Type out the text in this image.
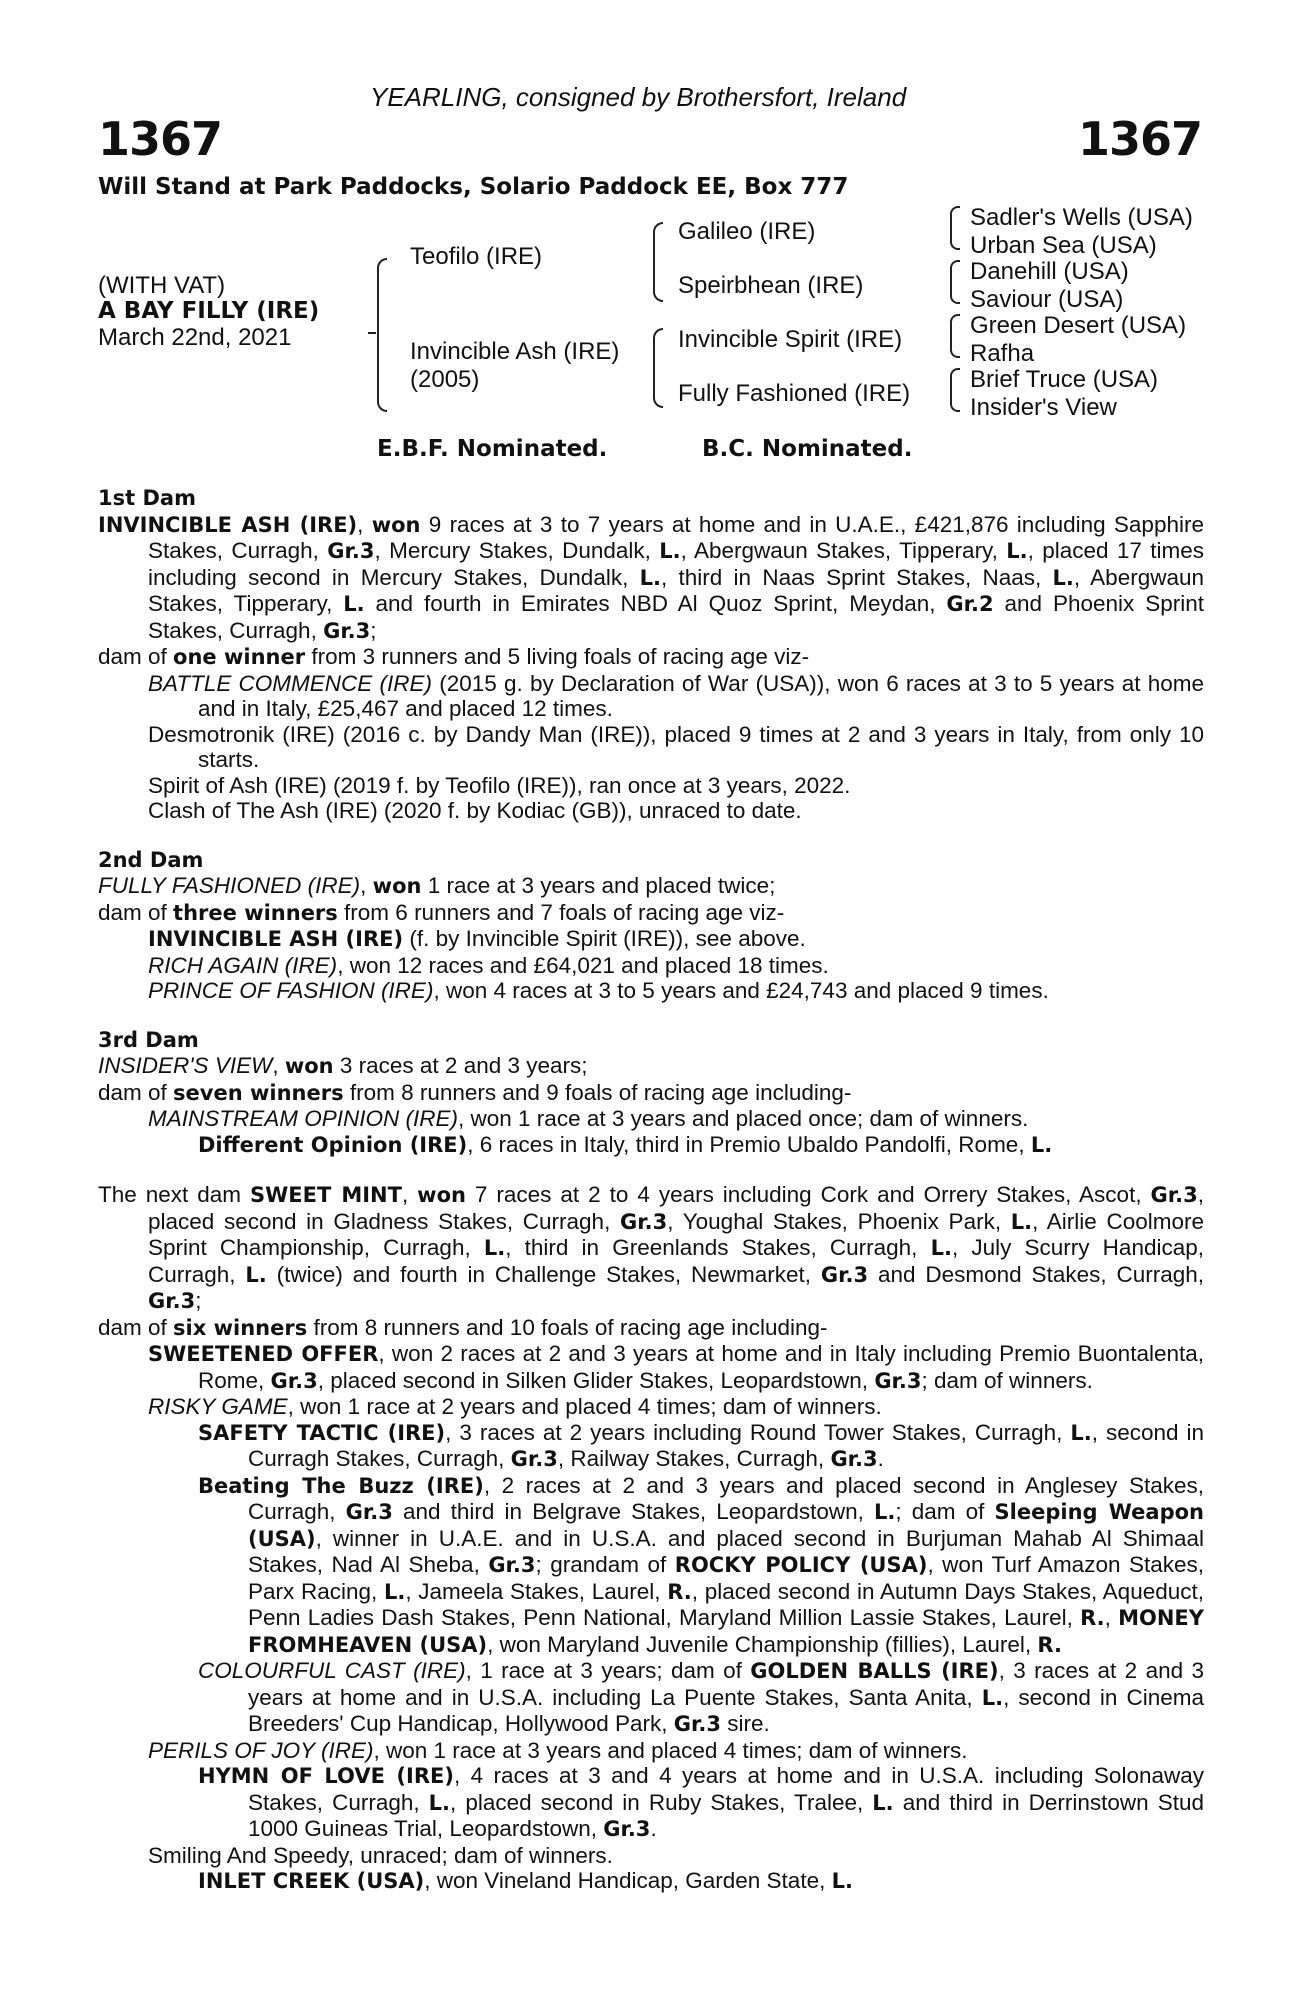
YEARLING, consigned by Brothersfort, Ireland
1367	1367
Will Stand at Park Paddocks, Solario Paddock EE, Box 777
(WITH VAT)
A BAY FILLY (IRE)
March 22nd, 2021
Teofilo (IRE)
Invincible Ash (IRE)
(2005)
Galileo (IRE)
Speirbhean (IRE)
Invincible Spirit (IRE)
Fully Fashioned (IRE)
Sadler's Wells (USA)
Urban Sea (USA)
Danehill (USA)
Saviour (USA)
Green Desert (USA)
Rafha
Brief Truce (USA)
Insider's View
E.B.F. Nominated.	B.C. Nominated.

1st Dam

INVINCIBLE ASH (IRE), won 9 races at 3 to 7 years at home and in U.A.E., £421,876 including Sapphire Stakes, Curragh, Gr.3, Mercury Stakes, Dundalk, L., Abergwaun Stakes, Tipperary, L., placed 17 times including second in Mercury Stakes, Dundalk, L., third in Naas Sprint Stakes, Naas, L., Abergwaun Stakes, Tipperary, L. and fourth in Emirates NBD Al Quoz Sprint, Meydan, Gr.2 and Phoenix Sprint Stakes, Curragh, Gr.3;

dam of one winner from 3 runners and 5 living foals of racing age viz-

BATTLE COMMENCE (IRE) (2015 g. by Declaration of War (USA)), won 6 races at 3 to 5 years at home and in Italy, £25,467 and placed 12 times.

Desmotronik (IRE) (2016 c. by Dandy Man (IRE)), placed 9 times at 2 and 3 years in Italy, from only 10 starts.

Spirit of Ash (IRE) (2019 f. by Teofilo (IRE)), ran once at 3 years, 2022.

Clash of The Ash (IRE) (2020 f. by Kodiac (GB)), unraced to date.

2nd Dam

FULLY FASHIONED (IRE), won 1 race at 3 years and placed twice;

dam of three winners from 6 runners and 7 foals of racing age viz-

INVINCIBLE ASH (IRE) (f. by Invincible Spirit (IRE)), see above.

RICH AGAIN (IRE), won 12 races and £64,021 and placed 18 times.

PRINCE OF FASHION (IRE), won 4 races at 3 to 5 years and £24,743 and placed 9 times.

3rd Dam

INSIDER'S VIEW, won 3 races at 2 and 3 years;

dam of seven winners from 8 runners and 9 foals of racing age including-

MAINSTREAM OPINION (IRE), won 1 race at 3 years and placed once; dam of winners.

Different Opinion (IRE), 6 races in Italy, third in Premio Ubaldo Pandolfi, Rome, L.

The next dam SWEET MINT, won 7 races at 2 to 4 years including Cork and Orrery Stakes, Ascot, Gr.3, placed second in Gladness Stakes, Curragh, Gr.3, Youghal Stakes, Phoenix Park, L., Airlie Coolmore Sprint Championship, Curragh, L., third in Greenlands Stakes, Curragh, L., July Scurry Handicap, Curragh, L. (twice) and fourth in Challenge Stakes, Newmarket, Gr.3 and Desmond Stakes, Curragh, Gr.3;

dam of six winners from 8 runners and 10 foals of racing age including-

SWEETENED OFFER, won 2 races at 2 and 3 years at home and in Italy including Premio Buontalenta, Rome, Gr.3, placed second in Silken Glider Stakes, Leopardstown, Gr.3; dam of winners.

RISKY GAME, won 1 race at 2 years and placed 4 times; dam of winners.

SAFETY TACTIC (IRE), 3 races at 2 years including Round Tower Stakes, Curragh, L., second in Curragh Stakes, Curragh, Gr.3, Railway Stakes, Curragh, Gr.3.

Beating The Buzz (IRE), 2 races at 2 and 3 years and placed second in Anglesey Stakes, Curragh, Gr.3 and third in Belgrave Stakes, Leopardstown, L.; dam of Sleeping Weapon (USA), winner in U.A.E. and in U.S.A. and placed second in Burjuman Mahab Al Shimaal Stakes, Nad Al Sheba, Gr.3; grandam of ROCKY POLICY (USA), won Turf Amazon Stakes, Parx Racing, L., Jameela Stakes, Laurel, R., placed second in Autumn Days Stakes, Aqueduct, Penn Ladies Dash Stakes, Penn National, Maryland Million Lassie Stakes, Laurel, R., MONEY FROMHEAVEN (USA), won Maryland Juvenile Championship (fillies), Laurel, R.

COLOURFUL CAST (IRE), 1 race at 3 years; dam of GOLDEN BALLS (IRE), 3 races at 2 and 3 years at home and in U.S.A. including La Puente Stakes, Santa Anita, L., second in Cinema Breeders' Cup Handicap, Hollywood Park, Gr.3 sire.

PERILS OF JOY (IRE), won 1 race at 3 years and placed 4 times; dam of winners.

HYMN OF LOVE (IRE), 4 races at 3 and 4 years at home and in U.S.A. including Solonaway Stakes, Curragh, L., placed second in Ruby Stakes, Tralee, L. and third in Derrinstown Stud 1000 Guineas Trial, Leopardstown, Gr.3.

Smiling And Speedy, unraced; dam of winners.

INLET CREEK (USA), won Vineland Handicap, Garden State, L.
